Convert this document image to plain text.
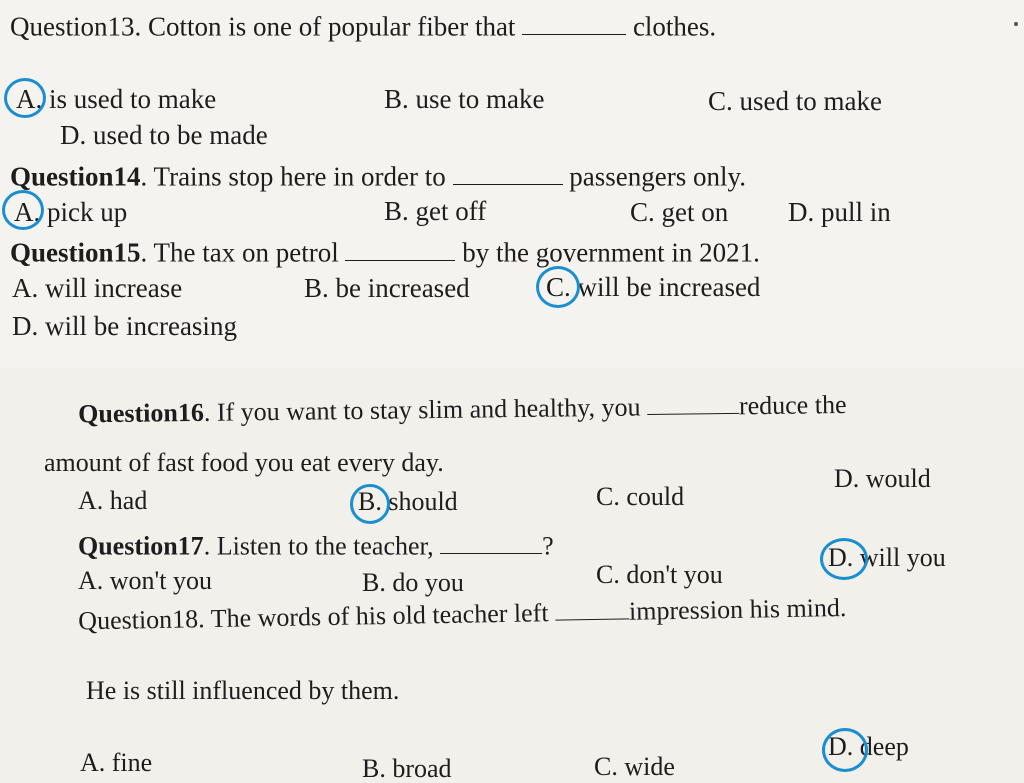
Question13. Cotton is one of popular fiber that	clothes.
A. is used to make	B. use to make	C. used to make
D. used to be made
Question14. Trains stop here in order to	passengers only.
A. pick up	B. get off	C. get on D. pull in
Question15. The tax on petrol	by the government in 2021.
A. will increase	B. be increased	C. will be increased
D. will be increasing
Question16. If you want to stay slim and healthy, you	reduce the
amount of fast food you eat every day.
A. had	B. should	C. could
D. would
Question17. Listen to the teacher,	?
A. won't you	B. do you	C. don't you
D. will you
Question18. The words of his old teacher left	impression his mind.
He is still influenced by them.
A. fine	B. broad	C. wide
D. deep
